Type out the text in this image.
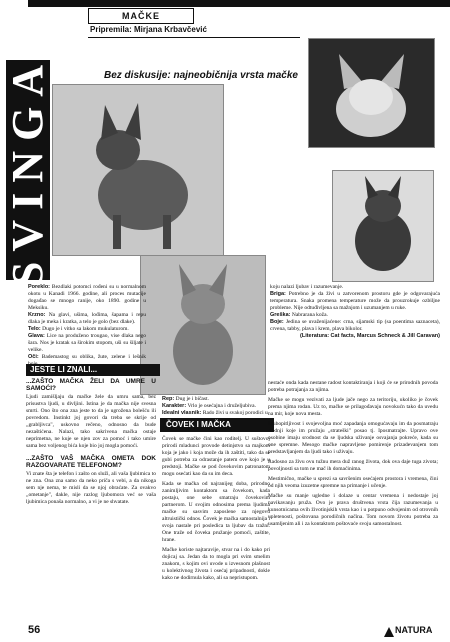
MAČKE
Pripremila: Mirjana Krbavčević
Bez diskusije: najneobičnija vrsta mačke
SVINGA
Poreklo: Bezdlaki potomci rođeni su u normalnom okotu u Kanadi 1966. godine, ali proces mutacije događao se mnogo ranije, oko 1890. godine u Meksiku.
Krzno: Na glavi, ušima, lođima, šapama i repu dlaka je meka i kratka, a telo je golo (bez dlake).
Telo: Dugo je i vitko sa lakom mukulaturom.
Glava: Lice na produženo trougao, vise dlaka nego šara. Nos je kratak sa širokim stopom, uši su šiljate i velike.
Oči: Bademastog su oblika, žute, zelene i lešnik
koju nalazi ljubav i razumevanje.
Briga: Potrebno je da živi u zatvorenom prostoru gde je odgovarajuća temperatura. Snaka promena temperature može da prouzrokuje ozbiljne probleme. Nije odtuđivljena sa mažnjom i uzumanjem u ruke.
Greška: Nabrarana koža.
Boje: Jedina se uvaženijaćene: crna, sijamski tip (sa poentima saznaceta), crvena, tabby, plava i krem, plava bikolor.
(Literatura: Cat facts, Marcus Schneck & Jill Caravan)
JESTE LI ZNALI...
...ZAŠTO MAČKA ŽELI DA UMRE U SAMOĆI?

Ljudi zamišljaju da mačke žele da umru sama, bez prisustva ljudi, u divljini. Istina je da mačka nije svesna smrti. Ono što ona zna jeste to da je ugrožena bolešću ili povredom. Instinkt joj govori da treba se skrije od „grabljivca", uskovno rečeno, odnosno da bude nezaštićena. Nalazi, tako sakrivena mačka ostaje neprimetna, ne kuje se njen zov za pomoć i tako umire sama bez voljenog bića koje bio joj mogla pomoći.

...ZAŠTO VAŠ MAČKA OMETA DOK RAZGOVARATE TELEFONOM?

Vi znate šta je telefon i zašto on služi, ali vaša ljubimica to ne zna. Ona zna samo da neko priča s vebi, a da nikoga sem nje nema, te misli da se njoj obraćate. Za ovakvo „ometanje", dakle, nije razlog ljubomora već se vaša ljubimica ponaša normalno, a vi je ne shvatate.

Rep: Dug je i bičast.
Karakter: Vrlo je osećajna i druželjubiva.
Idealni vlasnik: Rado živi u svakoj porodici u
ČOVEK I MAČKA

Čovek se mačke čini kao roditelj. U suštovoj prirodi mladunci provode detinjstvo sa majkom koja je jako i koja može da ih zaštiti, tako da se gubi potreba za odrastanje patem ove kojo je u predstoji. Mačke se pod čovekovim patronatom mogu osećati kao da su im deca.

Kada se mačka od najranijeg doba, prirodno zanimljivim kontaktom sa čovekom, kada postaju, one sebe smatraju čovekovim partnerom. U svojim odnosima prema ljudima mačke su sasvim zaposlene za njegovu altruistički odnos. Čovek je mačka samostalnija i svoja nastale pri posledica ta ljubav da tražni. One traže od čoveka pružanje pomoći, zaštite, hrane.

Mačke koriste najtaravije, stvar na i do kako pri dojicaj sa. Jedan da to mogla pri svim smelim znakom, s kojim ovi uvode u izvesnom plašnost u kolektivnog života i osećaj pripadnosti, dokle kako ne dodirnula kako, ali sa nepristupom.

nestaće onda kada nestane radost kontaktiranja i koji će se prirodnih povoda potreba potrajanja za njima.

Mačke se mogu vezivati za ljude jače nego za teritoriju, ukoliko je čovek prema njima rodan. Uz to, mačke se prilagođavaju novokućn tako da uvedu na mir, koje nova mesta.

Ljubopitljivost i svojevoljna moć zapadanja omogućavaju im da posmatraju srednji koje im pružaju „strateški" posao tj. Iposmatrajte. Upravo ove osobine imaju srodnost da se ljudska uživanje osvajanja pokreće, kada su one spremne. Mesogo mačke napravljene pomirenje prizadevanjem tom predstavljanjem da ljudi tako i uživaju.

Radosno za živu ovu tužnu mera duž ranog života, dok ova daje tuga zivota; povoljnosti sa tom ne mač ih domaćinima.

Mestimično, mačke u sprezi sa savršenim osećajem prostora i vremena, čini od njih veoma izuzetne spremne na primanje i učenje.

Mačke su manje ugledne i dolaze u centar vremena i nedostaje joj navikavanju pruža. Ovo je prava društvena vrsta čija razumevanja u kunsotnicama ovih životinjskih vrsta kao i u potpuno odvojenim od otrovnih upletenosti, poštovana porodičnih načina. Tom novom životu potreba za usamljenim ali i za kontaktom poštovaće svoju samostalnost.

56	NATURA
